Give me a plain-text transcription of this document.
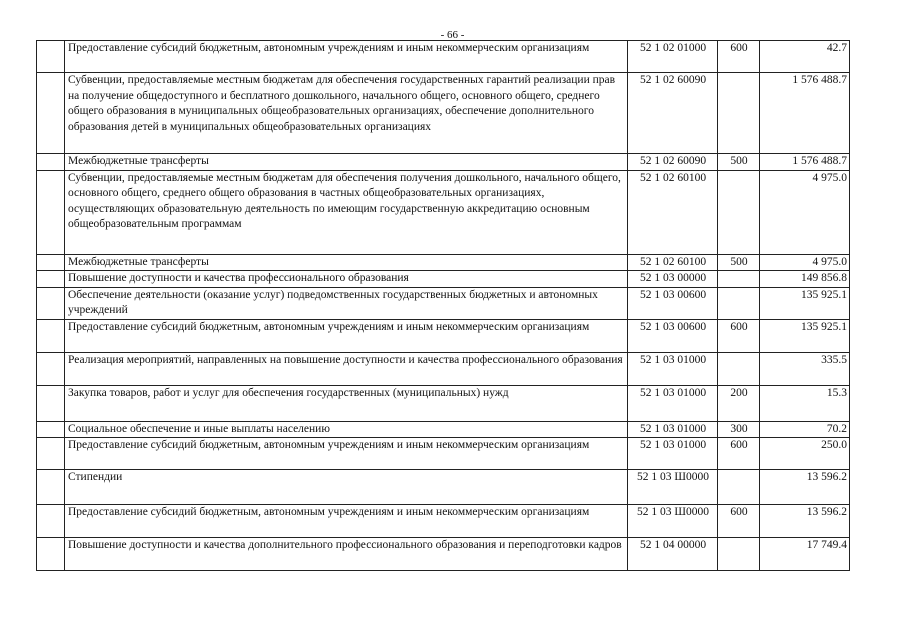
- 66 -
	Предоставление субсидий бюджетным, автономным учреждениям и иным некоммерческим организациям	52 1 02 01000	600	42.7
	Субвенции, предоставляемые местным бюджетам для обеспечения государственных гарантий реализации прав на получение общедоступного и бесплатного дошкольного, начального общего, основного общего, среднего общего образования в муниципальных общеобразовательных организациях, обеспечение дополнительного образования детей в муниципальных общеобразовательных организациях	52 1 02 60090		1 576 488.7
	Межбюджетные трансферты	52 1 02 60090	500	1 576 488.7
	Субвенции, предоставляемые местным бюджетам для обеспечения получения дошкольного, начального общего, основного общего, среднего общего образования в частных общеобразовательных организациях, осуществляющих образовательную деятельность по имеющим государственную аккредитацию основным общеобразовательным программам	52 1 02 60100		4 975.0
	Межбюджетные трансферты	52 1 02 60100	500	4 975.0
	Повышение доступности и качества профессионального образования	52 1 03 00000		149 856.8
	Обеспечение деятельности (оказание услуг) подведомственных государственных бюджетных и автономных учреждений	52 1 03 00600		135 925.1
	Предоставление субсидий бюджетным, автономным учреждениям и иным некоммерческим организациям	52 1 03 00600	600	135 925.1
	Реализация мероприятий, направленных на повышение доступности и качества профессионального образования	52 1 03 01000		335.5
	Закупка товаров, работ и услуг для обеспечения государственных (муниципальных) нужд	52 1 03 01000	200	15.3
	Социальное обеспечение и иные выплаты населению	52 1 03 01000	300	70.2
	Предоставление субсидий бюджетным, автономным учреждениям и иным некоммерческим организациям	52 1 03 01000	600	250.0
	Стипендии	52 1 03 Ш0000		13 596.2
	Предоставление субсидий бюджетным, автономным учреждениям и иным некоммерческим организациям	52 1 03 Ш0000	600	13 596.2
	Повышение доступности и качества дополнительного профессионального образования и переподготовки кадров	52 1 04 00000		17 749.4
